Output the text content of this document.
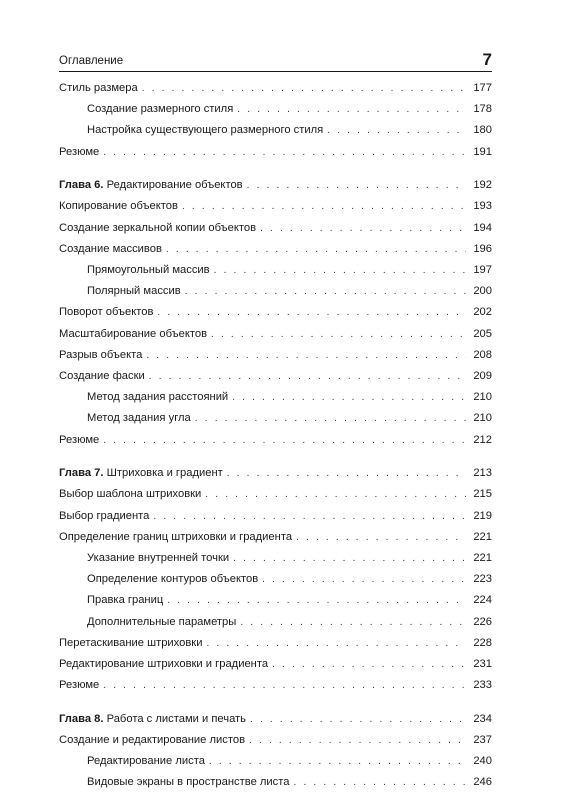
Оглавление	7
Стиль размера . . .	177
Создание размерного стиля . . .	178
Настройка существующего размерного стиля . . .	180
Резюме . . .	191
Глава 6. Редактирование объектов . . .	192
Копирование объектов . . .	193
Создание зеркальной копии объектов . . .	194
Создание массивов . . .	196
Прямоугольный массив . . .	197
Полярный массив . . .	200
Поворот объектов . . .	202
Масштабирование объектов . . .	205
Разрыв объекта . . .	208
Создание фаски . . .	209
Метод задания расстояний . . .	210
Метод задания угла . . .	210
Резюме . . .	212
Глава 7. Штриховка и градиент . . .	213
Выбор шаблона штриховки . . .	215
Выбор градиента . . .	219
Определение границ штриховки и градиента . . .	221
Указание внутренней точки . . .	221
Определение контуров объектов . . .	223
Правка границ . . .	224
Дополнительные параметры . . .	226
Перетаскивание штриховки . . .	228
Редактирование штриховки и градиента . . .	231
Резюме . . .	233
Глава 8. Работа с листами и печать . . .	234
Создание и редактирование листов . . .	237
Редактирование листа . . .	240
Видовые экраны в пространстве листа . . .	246
